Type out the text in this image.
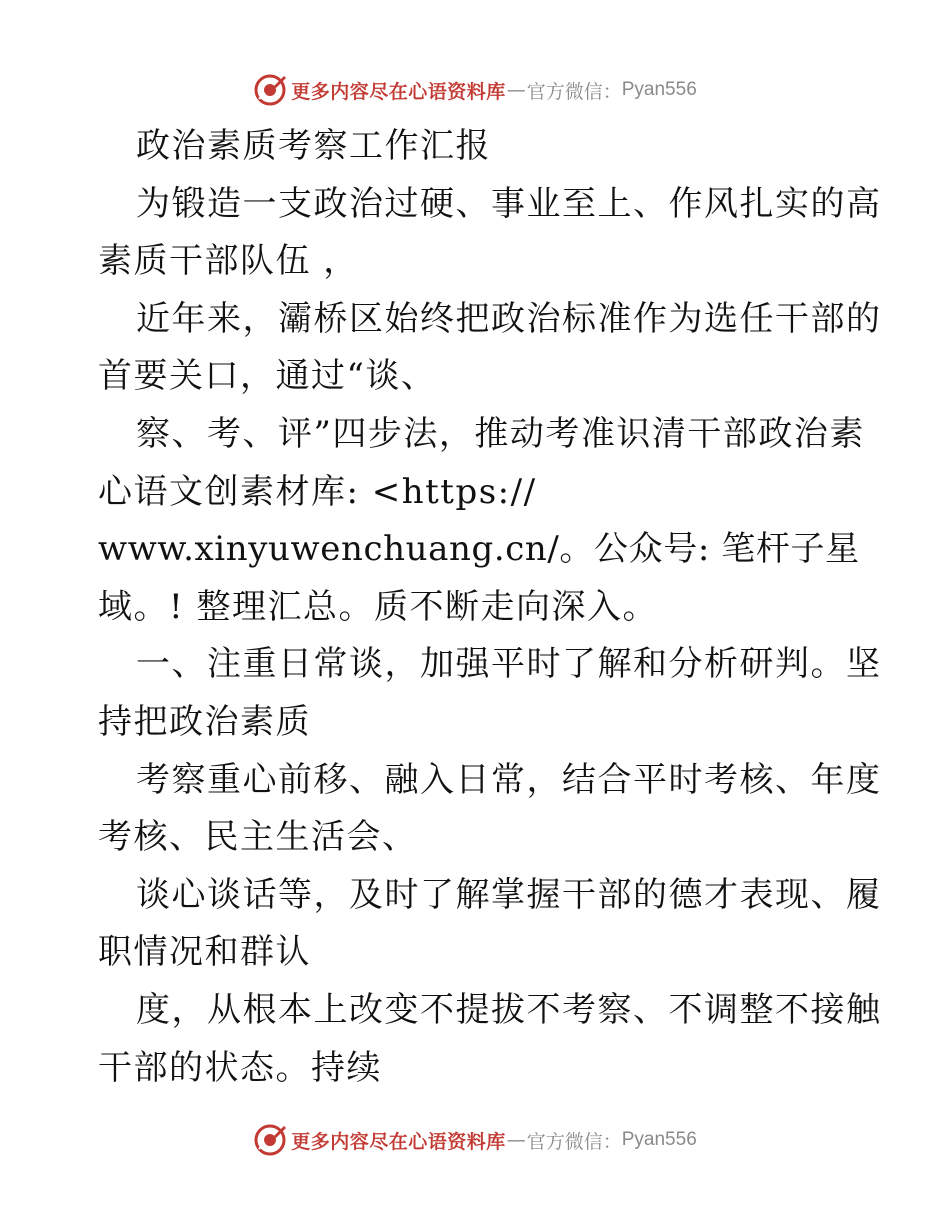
更多内容尽在心语资料库 — 官方微信： Pyan556
政治素质考察工作汇报
为锻造一支政治过硬、事业至上、作风扎实的高
素质干部队伍 ，
近年来，灞桥区始终把政治标准作为选任干部的
首要关口，通过“谈、
察、考、评”四步法，推动考准识清干部政治素
心语文创素材库: <https://
www.xinyuwenchuang.cn/。公众号: 笔杆子星
域。! 整理汇总。质不断走向深入。
一、注重日常谈，加强平时了解和分析研判。坚
持把政治素质
考察重心前移、融入日常，结合平时考核、年度
考核、民主生活会、
谈心谈话等，及时了解掌握干部的德才表现、履
职情况和群认
度，从根本上改变不提拔不考察、不调整不接触
干部的状态。持续
更多内容尽在心语资料库 — 官方微信： Pyan556
